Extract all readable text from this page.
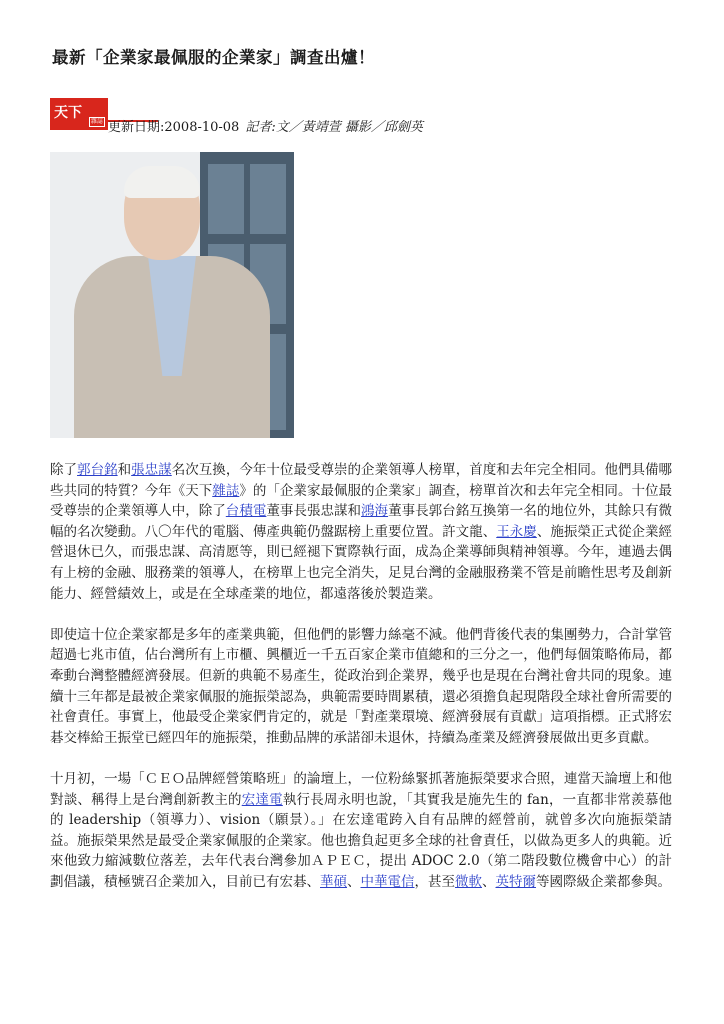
最新「企業家最佩服的企業家」調查出爐！
天下
雜誌 更新日期:2008-10-08 記者:文／黃靖萱 攝影／邱劍英

除了郭台銘和張忠謀名次互換，今年十位最受尊崇的企業領導人榜單，首度和去年完全相同。他們具備哪些共同的特質？今年《天下雜誌》的「企業家最佩服的企業家」調查，榜單首次和去年完全相同。十位最受尊崇的企業領導人中，除了台積電董事長張忠謀和鴻海董事長郭台銘互換第一名的地位外，其餘只有微幅的名次變動。八〇年代的電腦、傳產典範仍盤踞榜上重要位置。許文龍、王永慶、施振榮正式從企業經營退休已久，而張忠謀、高清愿等，則已經褪下實際執行面，成為企業導師與精神領導。今年，連過去偶有上榜的金融、服務業的領導人，在榜單上也完全消失，足見台灣的金融服務業不管是前瞻性思考及創新能力、經營績效上，或是在全球產業的地位，都遠落後於製造業。

即使這十位企業家都是多年的產業典範，但他們的影響力絲毫不減。他們背後代表的集團勢力，合計掌管超過七兆市值，佔台灣所有上市櫃、興櫃近一千五百家企業市值總和的三分之一，他們每個策略佈局，都牽動台灣整體經濟發展。但新的典範不易產生，從政治到企業界，幾乎也是現在台灣社會共同的現象。連續十三年都是最被企業家佩服的施振榮認為，典範需要時間累積，還必須擔負起現階段全球社會所需要的社會責任。事實上，他最受企業家們肯定的，就是「對產業環境、經濟發展有貢獻」這項指標。正式將宏碁交棒給王振堂已經四年的施振榮，推動品牌的承諾卻未退休，持續為產業及經濟發展做出更多貢獻。

十月初，一場「ＣＥＯ品牌經營策略班」的論壇上，一位粉絲緊抓著施振榮要求合照，連當天論壇上和他對談、稱得上是台灣創新教主的宏達電執行長周永明也說，「其實我是施先生的 fan，一直都非常羨慕他的 leadership（領導力）、vision（願景）。」在宏達電跨入自有品牌的經營前，就曾多次向施振榮請益。施振榮果然是最受企業家佩服的企業家。他也擔負起更多全球的社會責任，以做為更多人的典範。近來他致力縮減數位落差，去年代表台灣參加ＡＰＥＣ，提出 ADOC 2.0（第二階段數位機會中心）的計劃倡議，積極號召企業加入，目前已有宏碁、華碩、中華電信，甚至微軟、英特爾等國際級企業都參與。
